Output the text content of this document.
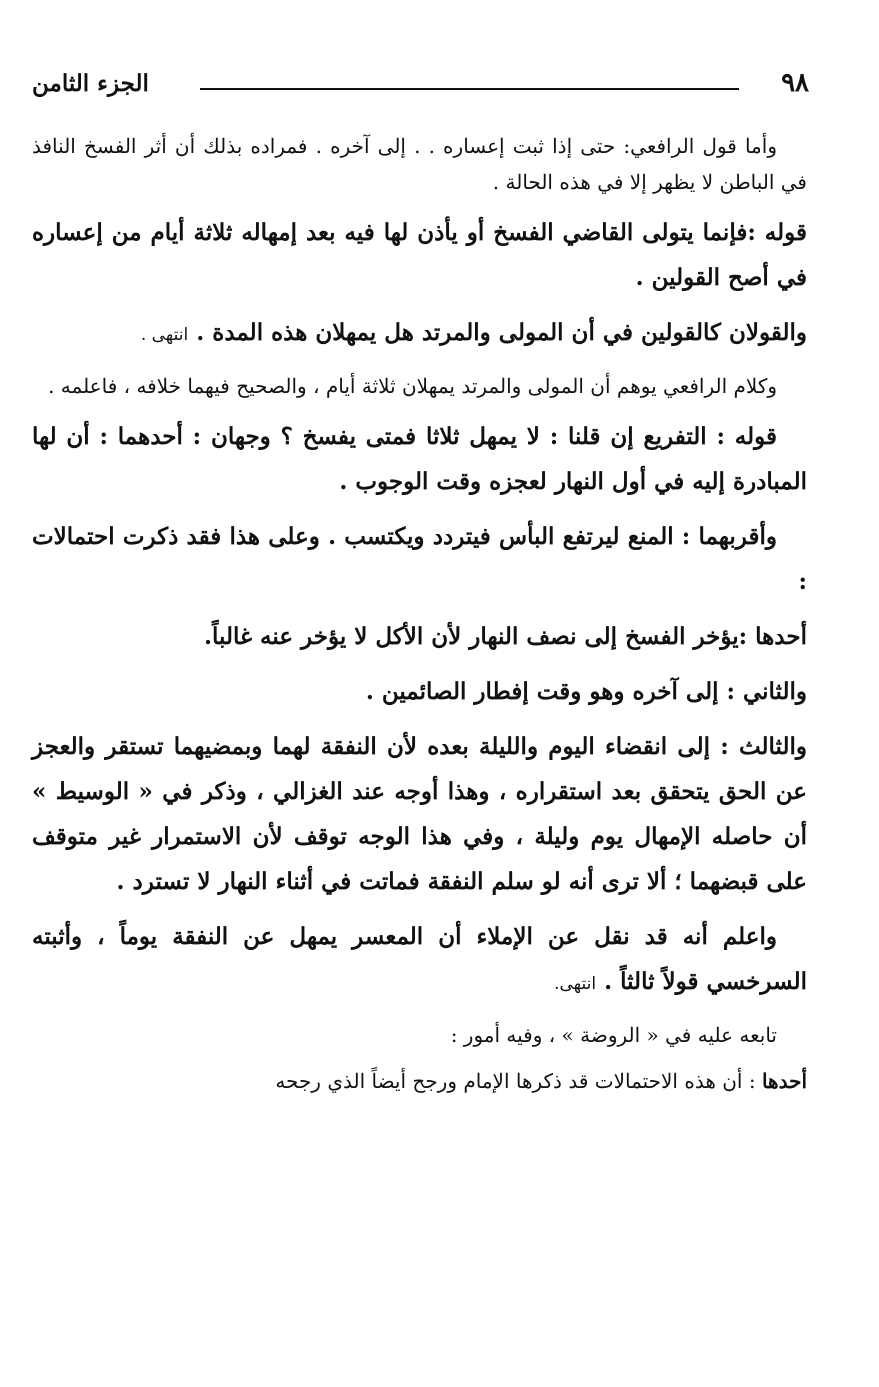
٩٨
الجزء الثامن

وأما قول الرافعي: حتى إذا ثبت إعساره . . إلى آخره . فمراده بذلك أن أثر الفسخ النافذ في الباطن لا يظهر إلا في هذه الحالة .

قوله :فإنما يتولى القاضي الفسخ أو يأذن لها فيه بعد إمهاله ثلاثة أيام من إعساره في أصح القولين .

والقولان كالقولين في أن المولى والمرتد هل يمهلان هذه المدة . انتهى .

وكلام الرافعي يوهم أن المولى والمرتد يمهلان ثلاثة أيام ، والصحيح فيهما خلافه ، فاعلمه .

قوله : التفريع إن قلنا : لا يمهل ثلاثا فمتى يفسخ ؟ وجهان : أحدهما : أن لها المبادرة إليه في أول النهار لعجزه وقت الوجوب .

وأقربهما : المنع ليرتفع البأس فيتردد ويكتسب . وعلى هذا فقد ذكرت احتمالات :

أحدها :يؤخر الفسخ إلى نصف النهار لأن الأكل لا يؤخر عنه غالباً.

والثاني : إلى آخره وهو وقت إفطار الصائمين .

والثالث : إلى انقضاء اليوم والليلة بعده لأن النفقة لهما وبمضيهما تستقر والعجز عن الحق يتحقق بعد استقراره ، وهذا أوجه عند الغزالي ، وذكر في « الوسيط » أن حاصله الإمهال يوم وليلة ، وفي هذا الوجه توقف لأن الاستمرار غير متوقف على قبضهما ؛ ألا ترى أنه لو سلم النفقة فماتت في أثناء النهار لا تسترد .

واعلم أنه قد نقل عن الإملاء أن المعسر يمهل عن النفقة يوماً ، وأثبته السرخسي قولاً ثالثاً . انتهى.

تابعه عليه في « الروضة » ، وفيه أمور :

أحدها : أن هذه الاحتمالات قد ذكرها الإمام ورجح أيضاً الذي رجحه
